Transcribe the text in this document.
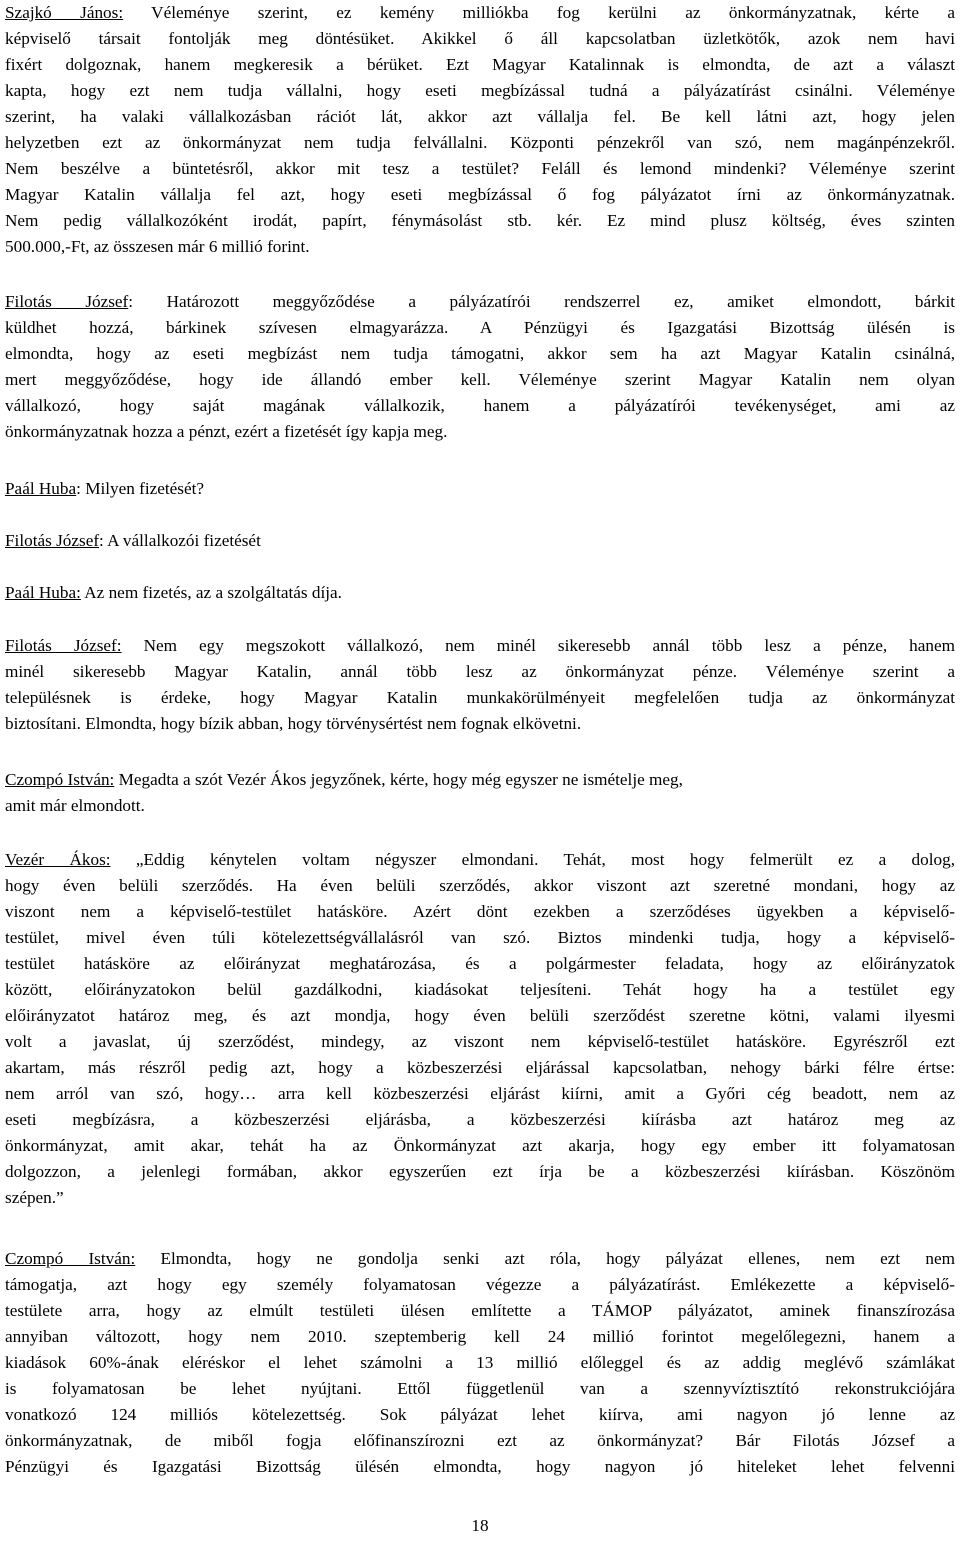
Szajkó János: Véleménye szerint, ez kemény milliókba fog kerülni az önkormányzatnak, kérte a
képviselő társait fontolják meg döntésüket. Akikkel ő áll kapcsolatban üzletkötők, azok nem havi
fixért dolgoznak, hanem megkeresik a bérüket. Ezt Magyar Katalinnak is elmondta, de azt a választ
kapta, hogy ezt nem tudja vállalni, hogy eseti megbízással tudná a pályázatírást csinálni. Véleménye
szerint, ha valaki vállalkozásban rációt lát, akkor azt vállalja fel. Be kell látni azt, hogy jelen
helyzetben ezt az önkormányzat nem tudja felvállalni. Központi pénzekről van szó, nem magánpénzekről.
Nem beszélve a büntetésről, akkor mit tesz a testület? Feláll és lemond mindenki? Véleménye szerint
Magyar Katalin vállalja fel azt, hogy eseti megbízással ő fog pályázatot írni az önkormányzatnak.
Nem pedig vállalkozóként irodát, papírt, fénymásolást stb. kér. Ez mind plusz költség, éves szinten
500.000,-Ft, az összesen már 6 millió forint.
Filotás József: Határozott meggyőződése a pályázatírói rendszerrel ez, amiket elmondott, bárkit
küldhet hozzá, bárkinek szívesen elmagyarázza. A Pénzügyi és Igazgatási Bizottság ülésén is
elmondta, hogy az eseti megbízást nem tudja támogatni, akkor sem ha azt Magyar Katalin csinálná,
mert meggyőződése, hogy ide állandó ember kell. Véleménye szerint Magyar Katalin nem olyan
vállalkozó, hogy saját magának vállalkozik, hanem a pályázatírói tevékenységet, ami az
önkormányzatnak hozza a pénzt, ezért a fizetését így kapja meg.
Paál Huba: Milyen fizetését?
Filotás József: A vállalkozói fizetését
Paál Huba: Az nem fizetés, az a szolgáltatás díja.
Filotás József: Nem egy megszokott vállalkozó, nem minél sikeresebb annál több lesz a pénze, hanem
minél sikeresebb Magyar Katalin, annál több lesz az önkormányzat pénze. Véleménye szerint a
településnek is érdeke, hogy Magyar Katalin munkakörülményeit megfelelően tudja az önkormányzat
biztosítani. Elmondta, hogy bízik abban, hogy törvénysértést nem fognak elkövetni.
Czompó István: Megadta a szót Vezér Ákos jegyzőnek, kérte, hogy még egyszer ne ismételje meg,
amit már elmondott.
Vezér Ákos: „Eddig kénytelen voltam négyszer elmondani. Tehát, most hogy felmerült ez a dolog,
hogy éven belüli szerződés. Ha éven belüli szerződés, akkor viszont azt szeretné mondani, hogy az
viszont nem a képviselő-testület hatásköre. Azért dönt ezekben a szerződéses ügyekben a képviselő-
testület, mivel éven túli kötelezettségvállalásról van szó. Biztos mindenki tudja, hogy a képviselő-
testület hatásköre az előirányzat meghatározása, és a polgármester feladata, hogy az előirányzatok
között, előirányzatokon belül gazdálkodni, kiadásokat teljesíteni. Tehát hogy ha a testület egy
előirányzatot határoz meg, és azt mondja, hogy éven belüli szerződést szeretne kötni, valami ilyesmi
volt a javaslat, új szerződést, mindegy, az viszont nem képviselő-testület hatásköre. Egyrészről ezt
akartam, más részről pedig azt, hogy a közbeszerzési eljárással kapcsolatban, nehogy bárki félre értse:
nem arról van szó, hogy… arra kell közbeszerzési eljárást kiírni, amit a Győri cég beadott, nem az
eseti megbízásra, a közbeszerzési eljárásba, a közbeszerzési kiírásba azt határoz meg az
önkormányzat, amit akar, tehát ha az Önkormányzat azt akarja, hogy egy ember itt folyamatosan
dolgozzon, a jelenlegi formában, akkor egyszerűen ezt írja be a közbeszerzési kiírásban. Köszönöm
szépen.”
Czompó István: Elmondta, hogy ne gondolja senki azt róla, hogy pályázat ellenes, nem ezt nem
támogatja, azt hogy egy személy folyamatosan végezze a pályázatírást. Emlékezette a képviselő-
testülete arra, hogy az elmúlt testületi ülésen említette a TÁMOP pályázatot, aminek finanszírozása
annyiban változott, hogy nem 2010. szeptemberig kell 24 millió forintot megelőlegezni, hanem a
kiadások 60%-ának eléréskor el lehet számolni a 13 millió előleggel és az addig meglévő számlákat
is folyamatosan be lehet nyújtani. Ettől függetlenül van a szennyvíztisztító rekonstrukciójára
vonatkozó 124 milliós kötelezettség. Sok pályázat lehet kiírva, ami nagyon jó lenne az
önkormányzatnak, de miből fogja előfinanszírozni ezt az önkormányzat? Bár Filotás József a
Pénzügyi és Igazgatási Bizottság ülésén elmondta, hogy nagyon jó hiteleket lehet felvenni
18
